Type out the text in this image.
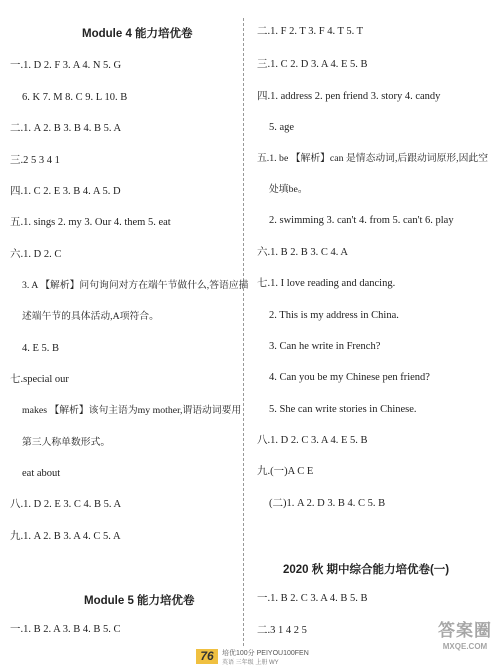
Module 4 能力培优卷
一.1. D 2. F 3. A 4. N 5. G
6. K 7. M 8. C 9. L 10. B
二.1. A 2. B 3. B 4. B 5. A
三.2 5 3 4 1
四.1. C 2. E 3. B 4. A 5. D
五.1. sings 2. my 3. Our 4. them 5. eat
六.1. D 2. C
3. A 【解析】问句询问对方在端午节做什么,答语应描
述端午节的具体活动,A项符合。
4. E 5. B
七.special our
makes 【解析】该句主语为my mother,谓语动词要用
第三人称单数形式。
eat about
八.1. D 2. E 3. C 4. B 5. A
九.1. A 2. B 3. A 4. C 5. A
Module 5 能力培优卷
一.1. B 2. A 3. B 4. B 5. C
二.1. F 2. T 3. F 4. T 5. T
三.1. C 2. D 3. A 4. E 5. B
四.1. address 2. pen friend 3. story 4. candy
5. age
五.1. be 【解析】can 是情态动词,后跟动词原形,因此空
处填be。
2. swimming 3. can't 4. from 5. can't 6. play
六.1. B 2. B 3. C 4. A
七.1. I love reading and dancing.
2. This is my address in China.
3. Can he write in French?
4. Can you be my Chinese pen friend?
5. She can write stories in Chinese.
八.1. D 2. C 3. A 4. E 5. B
九.(一)A C E
(二)1. A 2. D 3. B 4. C 5. B
2020 秋 期中综合能力培优卷(一)
一.1. B 2. C 3. A 4. B 5. B
二.3 1 4 2 5
76	培优100分 PEIYOU100FEN
英语 三年级 上册 WY
答案圈
MXQE.COM
